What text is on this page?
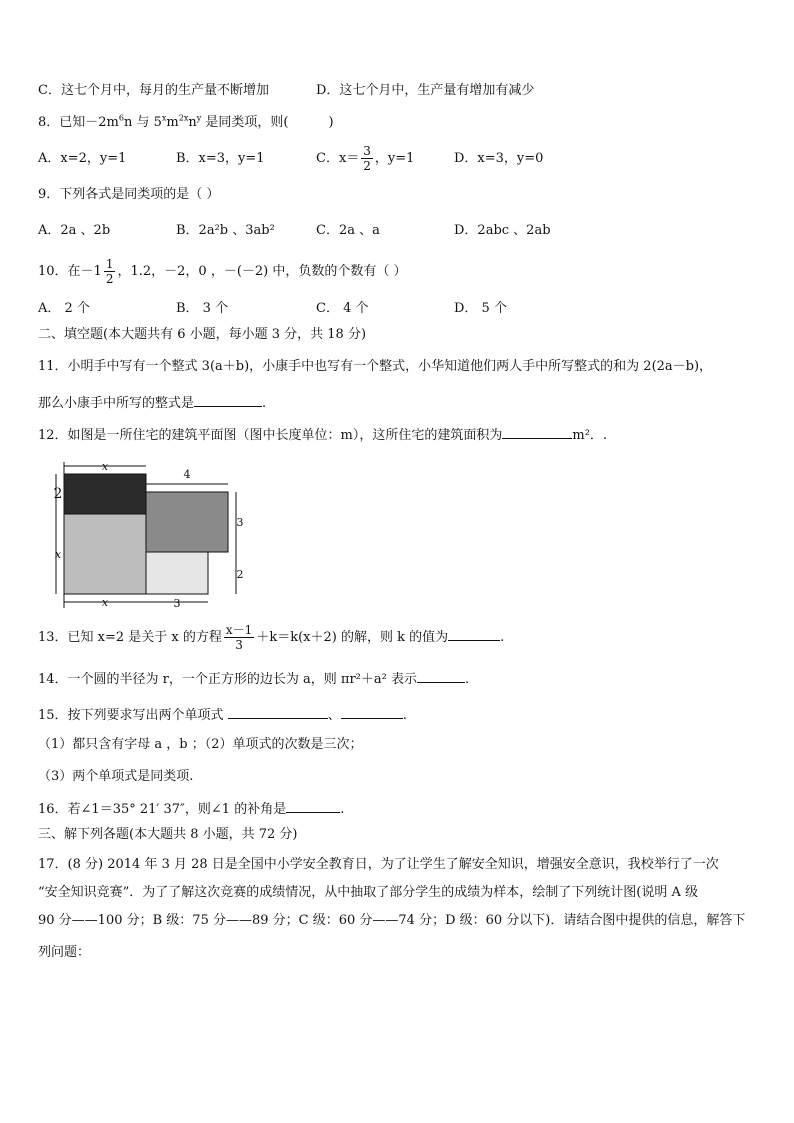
C．这七个月中，每月的生产量不断增加	D．这七个月中，生产量有增加有减少
8．已知$-2m^6n$ 与 $5^xm^{2x}n^y$ 是同类项，则(	)
A．x=2，y=1	B．x=3，y=1	C．$x= \frac{3}{2}$ ，y=1	D．x=3，y=0
9．下列各式是同类项的是（ ）
A．2a 、2b	B．2a²b 、3ab²	C．2a 、a	D．2abc 、2ab
10．在$-1 \frac{1}{2}$ ，1.2，－2，0 ，－(－2) 中，负数的个数有（ ）
A． 2 个	B． 3 个	C． 4 个	D． 5 个
二、填空题(本大题共有 6 小题，每小题 3 分，共 18 分)
11．小明手中写有一个整式 3(a＋b)，小康手中也写有一个整式，小华知道他们两人手中所写整式的和为 2(2a－b)，
那么小康手中所写的整式是	.
12．如图是一所住宅的建筑平面图（图中长度单位：m），这所住宅的建筑面积为	m²．.
x
4
2
x
3
2
x	3
13．已知 x=2 是关于 x 的方程 $\frac{x-1}{3} +k=k(x+2)$ 的解，则 k 的值为	.
14．一个圆的半径为 r，一个正方形的边长为 a，则 πr²＋a² 表示	.
15．按下列要求写出两个单项式	、	.
（1）都只含有字母 a ，b ；（2）单项式的次数是三次；
（3）两个单项式是同类项.
16．若∠1＝35° 21′ 37″，则∠1 的补角是	.
三、解下列各题(本大题共 8 小题，共 72 分)
17．(8 分) 2014 年 3 月 28 日是全国中小学安全教育日，为了让学生了解安全知识，增强安全意识，我校举行了一次
“安全知识竞赛”．为了了解这次竞赛的成绩情况，从中抽取了部分学生的成绩为样本，绘制了下列统计图(说明 A 级
90 分——100 分；B 级：75 分——89 分；C 级：60 分——74 分；D 级：60 分以下)．请结合图中提供的信息，解答下
列问题：
